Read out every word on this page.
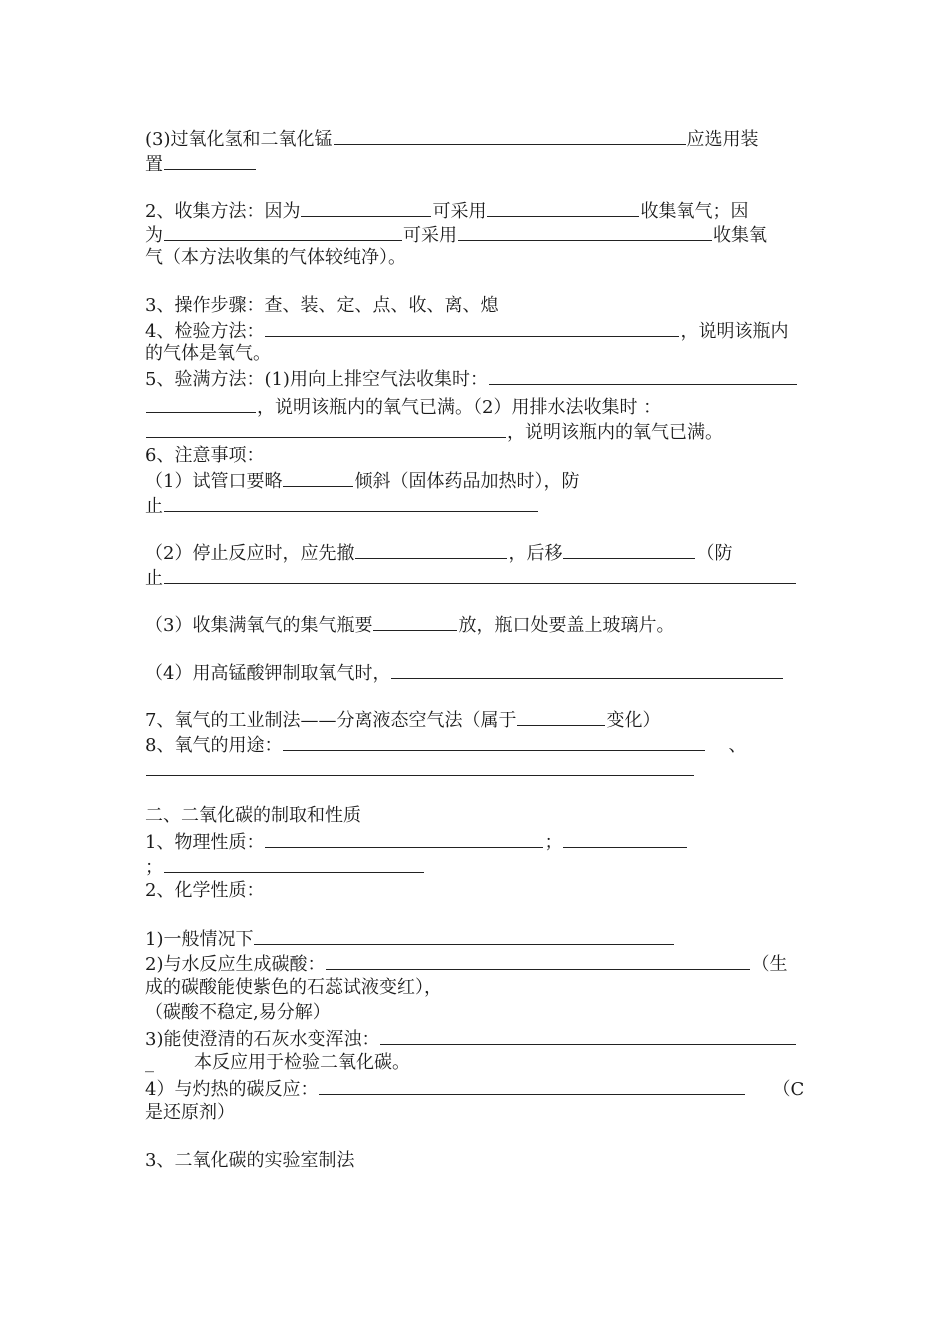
(3)过氧化氢和二氧化锰	应选用装
置
2、收集方法：因为	可采用	收集氧气；因
为	可采用	收集氧
气（本方法收集的气体较纯净）。
3、操作步骤：查、装、定、点、收、离、熄
4、检验方法：	，说明该瓶内
的气体是氧气。
5、验满方法：(1)用向上排空气法收集时：
，说明该瓶内的氧气已满。（2）用排水法收集时 ：
，说明该瓶内的氧气已满。
6、注意事项：
（1）试管口要略	倾斜（固体药品加热时），防
止
（2）停止反应时，应先撤	，后移	（防
止
（3）收集满氧气的集气瓶要	放，瓶口处要盖上玻璃片。
（4）用高锰酸钾制取氧气时，
7、氧气的工业制法——分离液态空气法（属于	变化）
8、氧气的用途：	、
二、二氧化碳的制取和性质
1、物理性质：	；
；
2、化学性质：
1)一般情况下
2)与水反应生成碳酸：	（生
成的碳酸能使紫色的石蕊试液变红），
（碳酸不稳定,易分解）
3)能使澄清的石灰水变浑浊：
_ 本反应用于检验二氧化碳。
4）与灼热的碳反应：	（C
是还原剂）
3、二氧化碳的实验室制法
